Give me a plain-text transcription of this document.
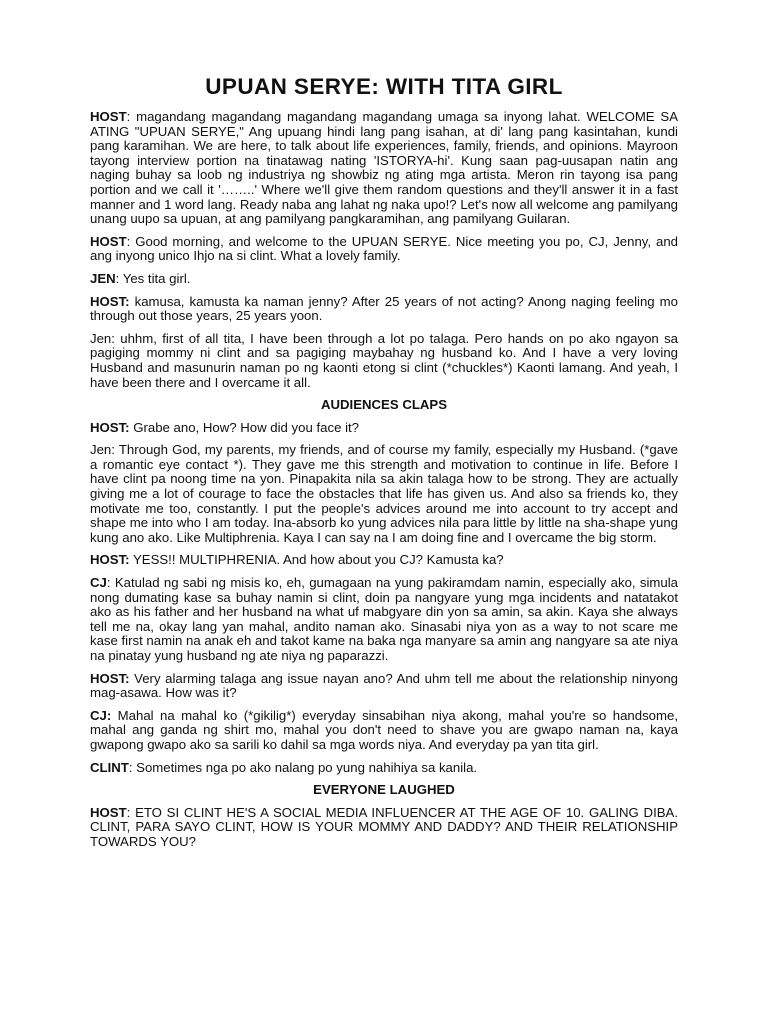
UPUAN SERYE: WITH TITA GIRL

HOST: magandang magandang magandang magandang umaga sa inyong lahat. WELCOME SA ATING "UPUAN SERYE," Ang upuang hindi lang pang isahan, at di' lang pang kasintahan, kundi pang karamihan. We are here, to talk about life experiences, family, friends, and opinions. Mayroon tayong interview portion na tinatawag nating 'ISTORYA-hi'. Kung saan pag-uusapan natin ang naging buhay sa loob ng industriya ng showbiz ng ating mga artista. Meron rin tayong isa pang portion and we call it '……..' Where we'll give them random questions and they'll answer it in a fast manner and 1 word lang. Ready naba ang lahat ng naka upo!? Let's now all welcome ang pamilyang unang uupo sa upuan, at ang pamilyang pangkaramihan, ang pamilyang Guilaran.

HOST: Good morning, and welcome to the UPUAN SERYE. Nice meeting you po, CJ, Jenny, and ang inyong unico Ihjo na si clint. What a lovely family.

JEN: Yes tita girl.

HOST: kamusa, kamusta ka naman jenny? After 25 years of not acting? Anong naging feeling mo through out those years, 25 years yoon.

Jen: uhhm, first of all tita, I have been through a lot po talaga. Pero hands on po ako ngayon sa pagiging mommy ni clint and sa pagiging maybahay ng husband ko. And I have a very loving Husband and masunurin naman po ng kaonti etong si clint (*chuckles*) Kaonti lamang. And yeah, I have been there and I overcame it all.

AUDIENCES CLAPS

HOST: Grabe ano, How? How did you face it?

Jen: Through God, my parents, my friends, and of course my family, especially my Husband. (*gave a romantic eye contact *). They gave me this strength and motivation to continue in life. Before I have clint pa noong time na yon. Pinapakita nila sa akin talaga how to be strong. They are actually giving me a lot of courage to face the obstacles that life has given us. And also sa friends ko, they motivate me too, constantly. I put the people's advices around me into account to try accept and shape me into who I am today. Ina-absorb ko yung advices nila para little by little na sha-shape yung kung ano ako. Like Multiphrenia. Kaya I can say na I am doing fine and I overcame the big storm.

HOST: YESS!! MULTIPHRENIA. And how about you CJ? Kamusta ka?

CJ: Katulad ng sabi ng misis ko, eh, gumagaan na yung pakiramdam namin, especially ako, simula nong dumating kase sa buhay namin si clint, doin pa nangyare yung mga incidents and natatakot ako as his father and her husband na what uf mabgyare din yon sa amin, sa akin. Kaya she always tell me na, okay lang yan mahal, andito naman ako. Sinasabi niya yon as a way to not scare me kase first namin na anak eh and takot kame na baka nga manyare sa amin ang nangyare sa ate niya na pinatay yung husband ng ate niya ng paparazzi.

HOST: Very alarming talaga ang issue nayan ano? And uhm tell me about the relationship ninyong mag-asawa. How was it?

CJ: Mahal na mahal ko (*gikilig*) everyday sinsabihan niya akong, mahal you're so handsome, mahal ang ganda ng shirt mo, mahal you don't need to shave you are gwapo naman na, kaya gwapong gwapo ako sa sarili ko dahil sa mga words niya. And everyday pa yan tita girl.

CLINT: Sometimes nga po ako nalang po yung nahihiya sa kanila.

EVERYONE LAUGHED

HOST: ETO SI CLINT HE'S A SOCIAL MEDIA INFLUENCER AT THE AGE OF 10. GALING DIBA. CLINT, PARA SAYO CLINT, HOW IS YOUR MOMMY AND DADDY? AND THEIR RELATIONSHIP TOWARDS YOU?
